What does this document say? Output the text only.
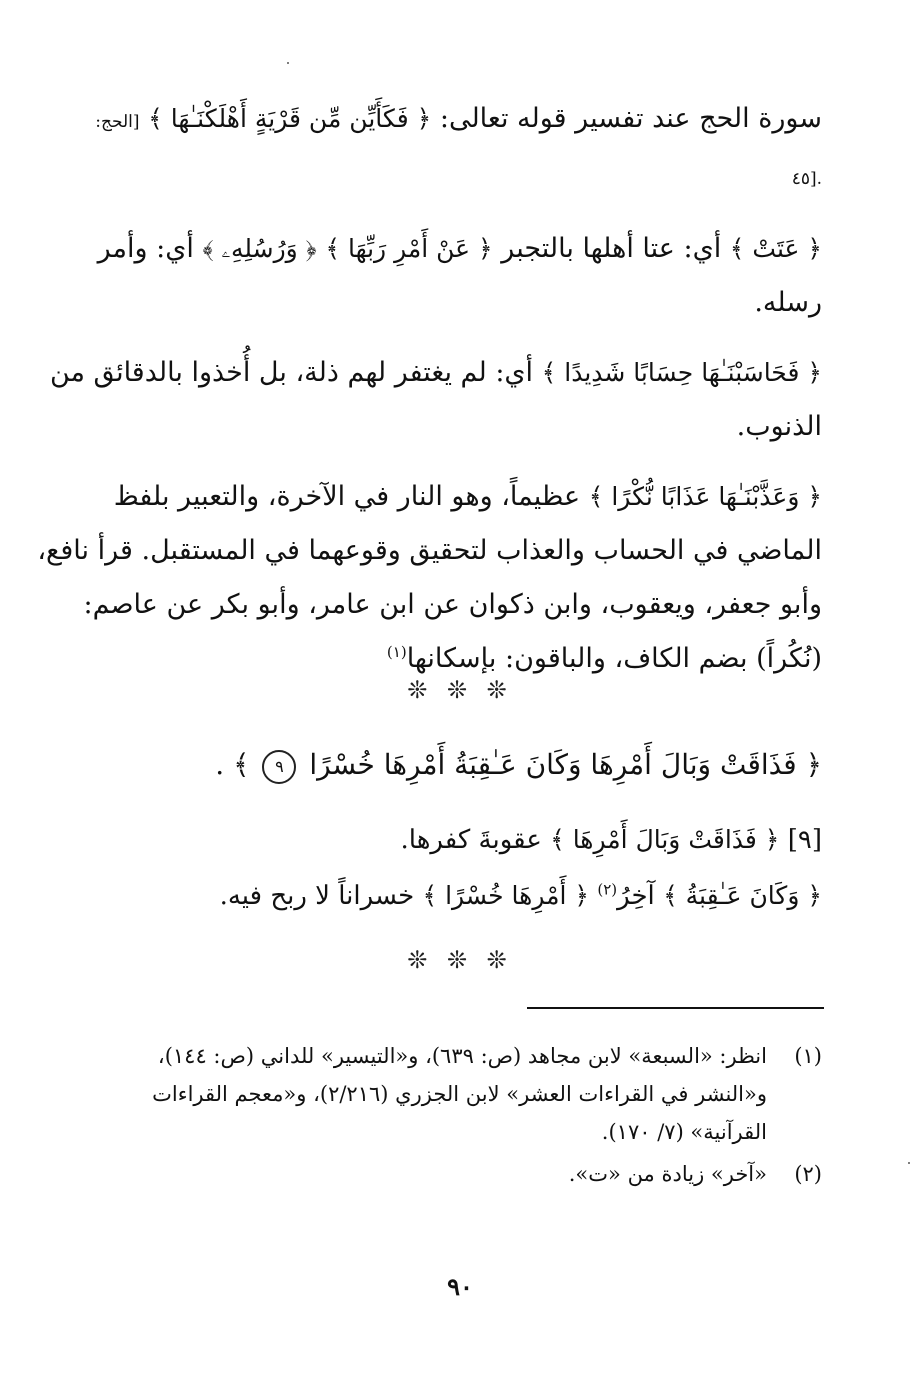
سورة الحج عند تفسير قوله تعالى: ﴿ فَكَأَيِّن مِّن قَرْيَةٍ أَهْلَكْنَـٰهَا ﴾ [الحج:
.[٤٥

﴿ عَتَتْ ﴾ أي: عتا أهلها بالتجبر ﴿ عَنْ أَمْرِ رَبِّهَا ﴾ ﴿ وَرُسُلِهِۦ ﴾ أي: وأمر
رسله.

﴿ فَحَاسَبْنَـٰهَا حِسَابًا شَدِيدًا ﴾ أي: لم يغتفر لهم ذلة، بل أُخذوا بالدقائق من
الذنوب.

﴿ وَعَذَّبْنَـٰهَا عَذَابًا نُّكْرًا ﴾ عظيماً، وهو النار في الآخرة، والتعبير بلفظ
الماضي في الحساب والعذاب لتحقيق وقوعهما في المستقبل. قرأ نافع،
وأبو جعفر، ويعقوب، وابن ذكوان عن ابن عامر، وأبو بكر عن عاصم:
(نُكُراً) بضم الكاف، والباقون: بإسكانها$^{(١)}$

❊ ❊ ❊
﴿ فَذَاقَتْ وَبَالَ أَمْرِهَا وَكَانَ عَـٰقِبَةُ أَمْرِهَا خُسْرًا ٩ ﴾ .
[٩] ﴿ فَذَاقَتْ وَبَالَ أَمْرِهَا ﴾ عقوبةَ كفرها.
﴿ وَكَانَ عَـٰقِبَةُ ﴾ آخِرُ$^{(٢)}$ ﴿ أَمْرِهَا خُسْرًا ﴾ خسراناً لا ربح فيه.
❊ ❊ ❊
(١)
انظر: «السبعة» لابن مجاهد (ص: ٦٣٩)، و«التيسير» للداني (ص: ١٤٤)،
و«النشر في القراءات العشر» لابن الجزري (٢/٢١٦)، و«معجم القراءات
القرآنية» (٧/ ١٧٠).
(٢)
«آخر» زيادة من «ت».
٩٠
